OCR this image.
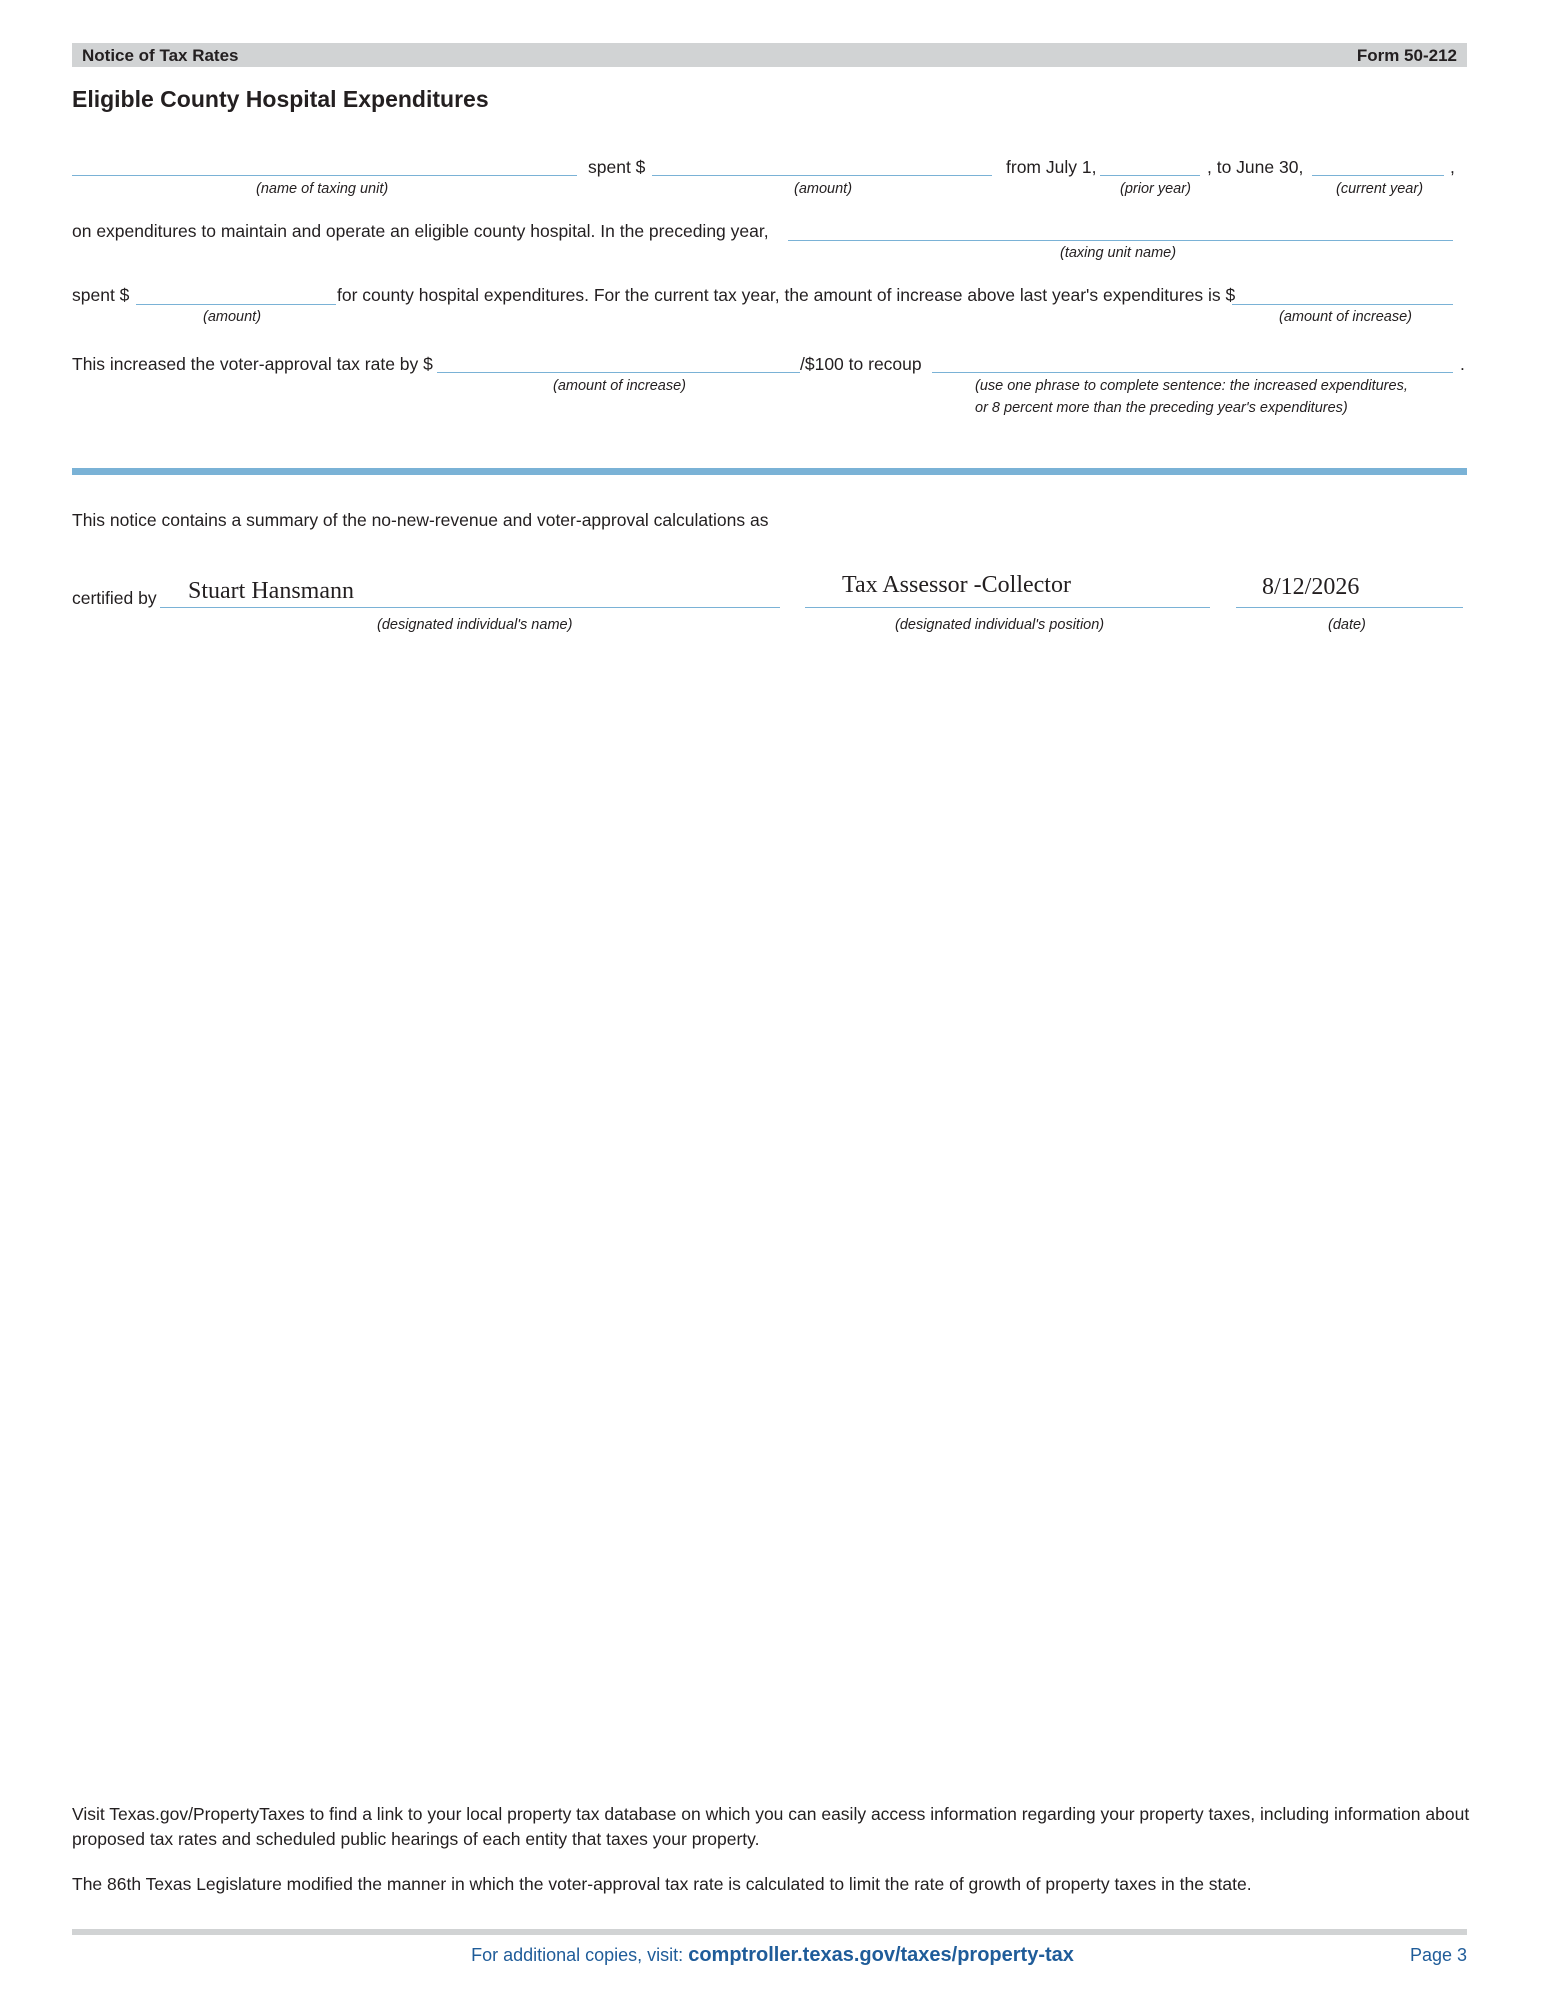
Notice of Tax Rates	Form 50-212
Eligible County Hospital Expenditures
(name of taxing unit)
spent $
(amount)
from July 1,
(prior year)
, to June 30,
(current year)
,
on expenditures to maintain and operate an eligible county hospital. In the preceding year,
(taxing unit name)
spent $
(amount)
for county hospital expenditures. For the current tax year, the amount of increase above last year's expenditures is $
(amount of increase)
This increased the voter-approval tax rate by $
(amount of increase)
/$100 to recoup	.
(use one phrase to complete sentence: the increased expenditures,
or 8 percent more than the preceding year's expenditures)
This notice contains a summary of the no-new-revenue and voter-approval calculations as
certified by Stuart Hansmann
(designated individual's name)
Tax Assessor -Collector
(designated individual's position)
8/12/2026
(date)
Visit Texas.gov/PropertyTaxes to find a link to your local property tax database on which you can easily access information regarding your property taxes, including information about proposed tax rates and scheduled public hearings of each entity that taxes your property.
The 86th Texas Legislature modified the manner in which the voter-approval tax rate is calculated to limit the rate of growth of property taxes in the state.
For additional copies, visit: comptroller.texas.gov/taxes/property-tax	Page 3
